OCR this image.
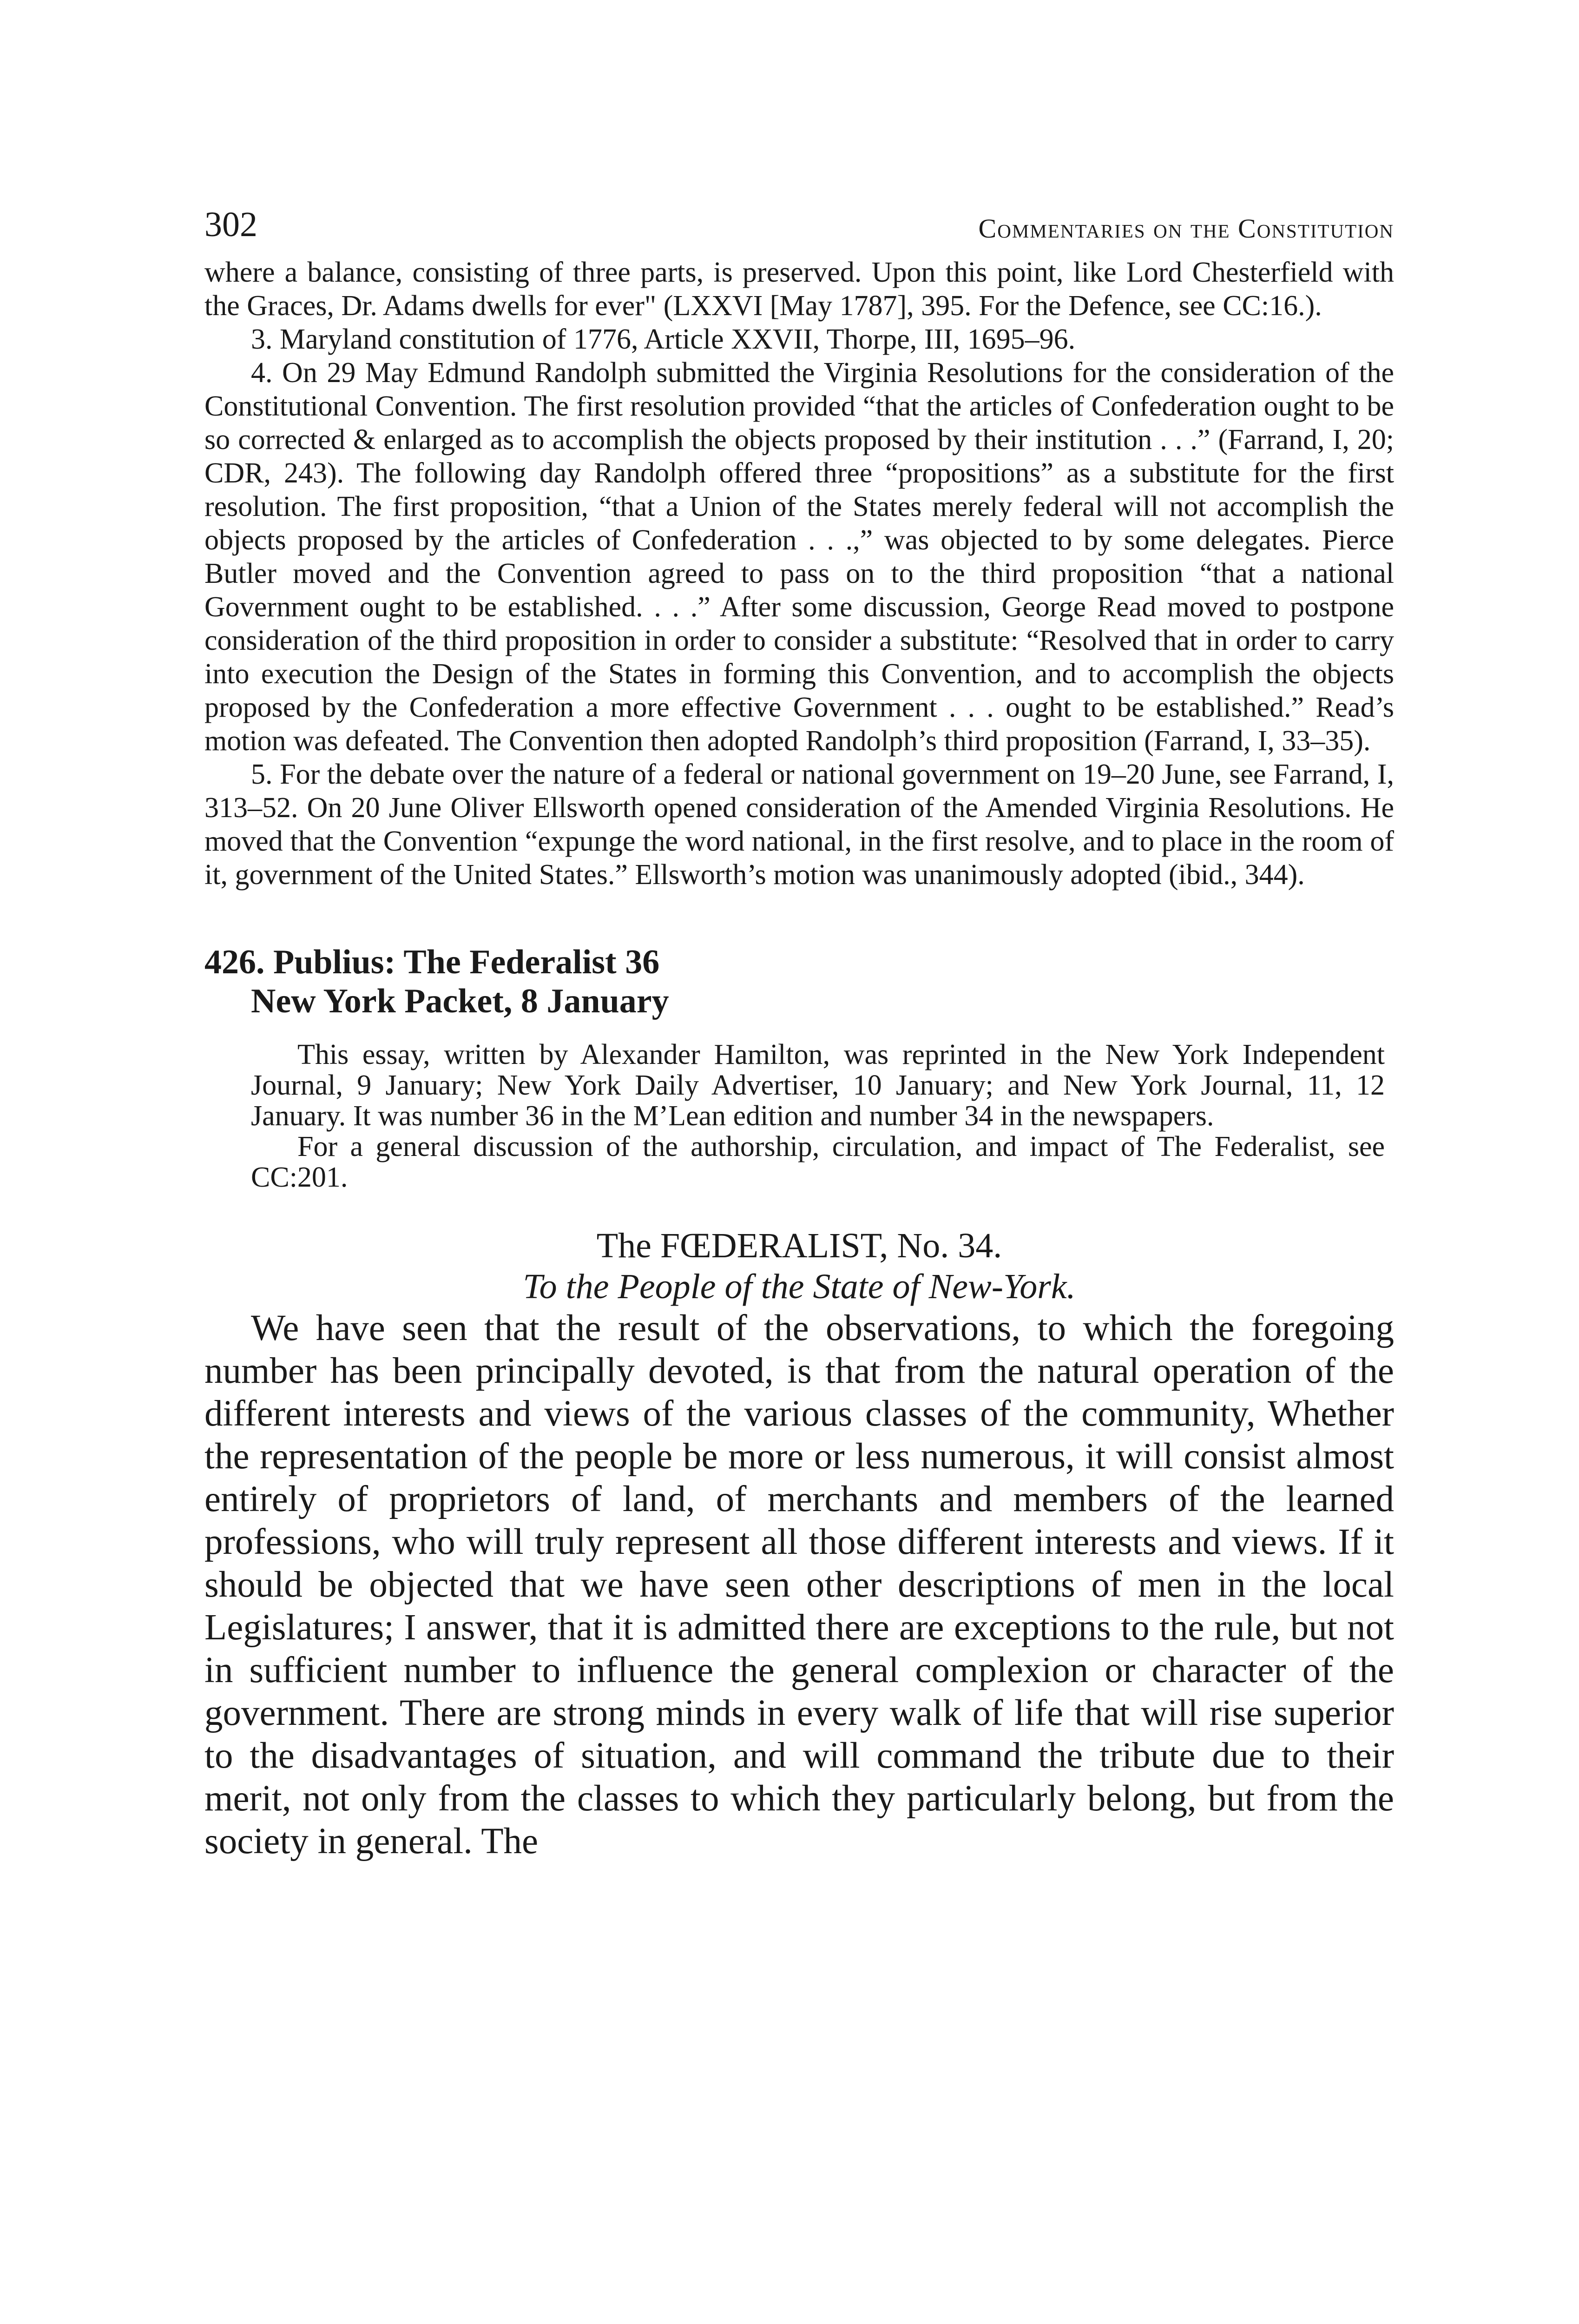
302	Commentaries on the Constitution

where a balance, consisting of three parts, is preserved. Upon this point, like Lord Chesterfield with the Graces, Dr. Adams dwells for ever" (LXXVI [May 1787], 395. For the Defence, see CC:16.).

3. Maryland constitution of 1776, Article XXVII, Thorpe, III, 1695–96.

4. On 29 May Edmund Randolph submitted the Virginia Resolutions for the consideration of the Constitutional Convention. The first resolution provided “that the articles of Confederation ought to be so corrected & enlarged as to accomplish the objects proposed by their institution . . .” (Farrand, I, 20; CDR, 243). The following day Randolph offered three “propositions” as a substitute for the first resolution. The first proposition, “that a Union of the States merely federal will not accomplish the objects proposed by the articles of Confederation . . .,” was objected to by some delegates. Pierce Butler moved and the Convention agreed to pass on to the third proposition “that a national Government ought to be established. . . .” After some discussion, George Read moved to postpone consideration of the third proposition in order to consider a substitute: “Resolved that in order to carry into execution the Design of the States in forming this Convention, and to accomplish the objects proposed by the Confederation a more effective Government . . . ought to be established.” Read’s motion was defeated. The Convention then adopted Randolph’s third proposition (Farrand, I, 33–35).

5. For the debate over the nature of a federal or national government on 19–20 June, see Farrand, I, 313–52. On 20 June Oliver Ellsworth opened consideration of the Amended Virginia Resolutions. He moved that the Convention “expunge the word national, in the first resolve, and to place in the room of it, government of the United States.” Ellsworth’s motion was unanimously adopted (ibid., 344).

426. Publius: The Federalist 36
New York Packet, 8 January

This essay, written by Alexander Hamilton, was reprinted in the New York Independent Journal, 9 January; New York Daily Advertiser, 10 January; and New York Journal, 11, 12 January. It was number 36 in the M’Lean edition and number 34 in the newspapers.

For a general discussion of the authorship, circulation, and impact of The Federalist, see CC:201.

The FŒDERALIST, No. 34.
To the People of the State of New-York.

We have seen that the result of the observations, to which the foregoing number has been principally devoted, is that from the natural operation of the different interests and views of the various classes of the community, Whether the representation of the people be more or less numerous, it will consist almost entirely of proprietors of land, of merchants and members of the learned professions, who will truly represent all those different interests and views. If it should be objected that we have seen other descriptions of men in the local Legislatures; I answer, that it is admitted there are exceptions to the rule, but not in sufficient number to influence the general complexion or character of the government. There are strong minds in every walk of life that will rise superior to the disadvantages of situation, and will command the tribute due to their merit, not only from the classes to which they particularly belong, but from the society in general. The
